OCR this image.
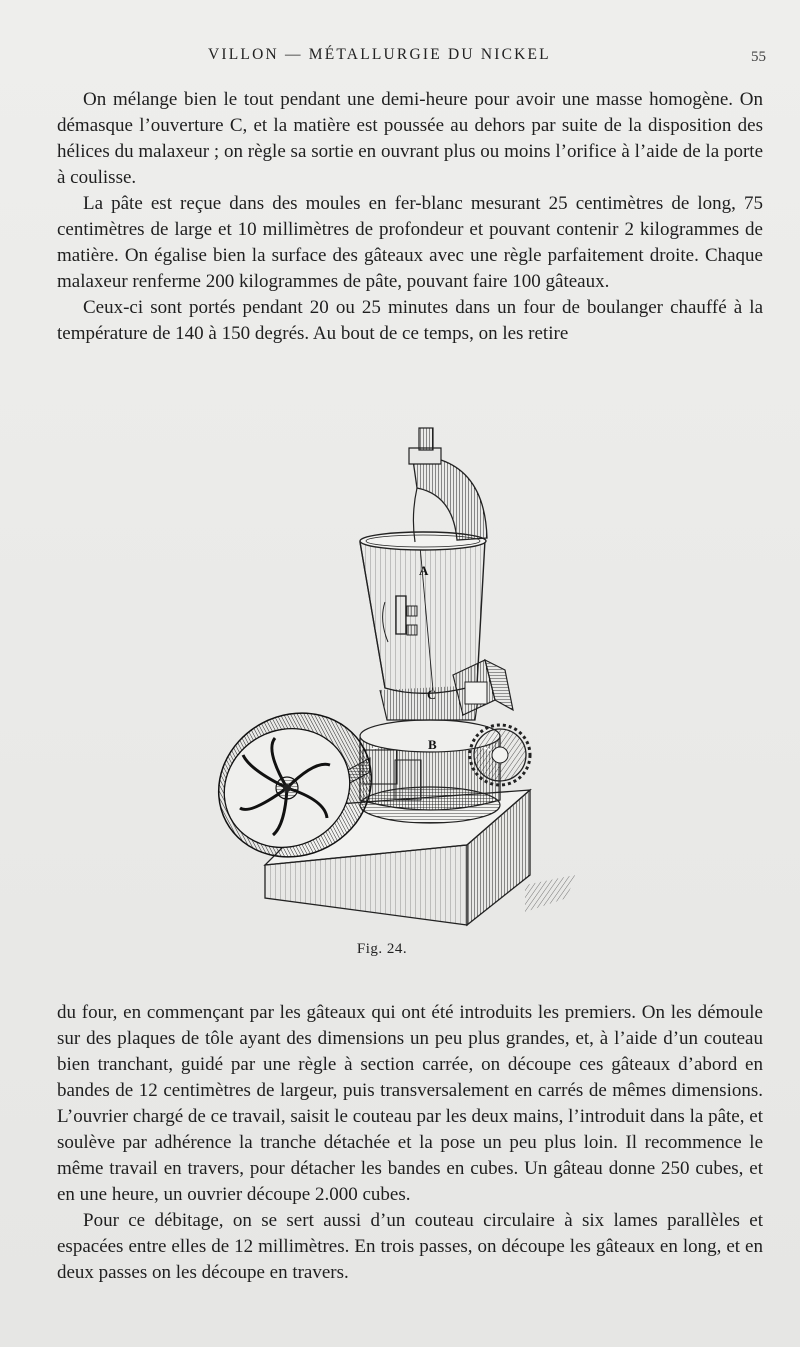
VILLON — MÉTALLURGIE DU NICKEL	55

On mélange bien le tout pendant une demi-heure pour avoir une masse homogène. On démasque l’ouverture C, et la matière est poussée au dehors par suite de la disposition des hélices du malaxeur ; on règle sa sortie en ouvrant plus ou moins l’orifice à l’aide de la porte à coulisse.

La pâte est reçue dans des moules en fer-blanc mesurant 25 centimètres de long, 75 centimètres de large et 10 millimètres de profondeur et pouvant contenir 2 kilogrammes de matière. On égalise bien la surface des gâteaux avec une règle parfaitement droite. Chaque malaxeur renferme 200 kilogrammes de pâte, pouvant faire 100 gâteaux.

Ceux-ci sont portés pendant 20 ou 25 minutes dans un four de boulanger chauffé à la température de 140 à 150 degrés. Au bout de ce temps, on les retire

A
C
B
Fig. 24.

du four, en commençant par les gâteaux qui ont été introduits les premiers. On les démoule sur des plaques de tôle ayant des dimensions un peu plus grandes, et, à l’aide d’un couteau bien tranchant, guidé par une règle à section carrée, on découpe ces gâteaux d’abord en bandes de 12 centimètres de largeur, puis transversalement en carrés de mêmes dimensions. L’ouvrier chargé de ce travail, saisit le couteau par les deux mains, l’introduit dans la pâte, et soulève par adhérence la tranche détachée et la pose un peu plus loin. Il recommence le même travail en travers, pour détacher les bandes en cubes. Un gâteau donne 250 cubes, et en une heure, un ouvrier découpe 2.000 cubes.

Pour ce débitage, on se sert aussi d’un couteau circulaire à six lames parallèles et espacées entre elles de 12 millimètres. En trois passes, on découpe les gâteaux en long, et en deux passes on les découpe en travers.
